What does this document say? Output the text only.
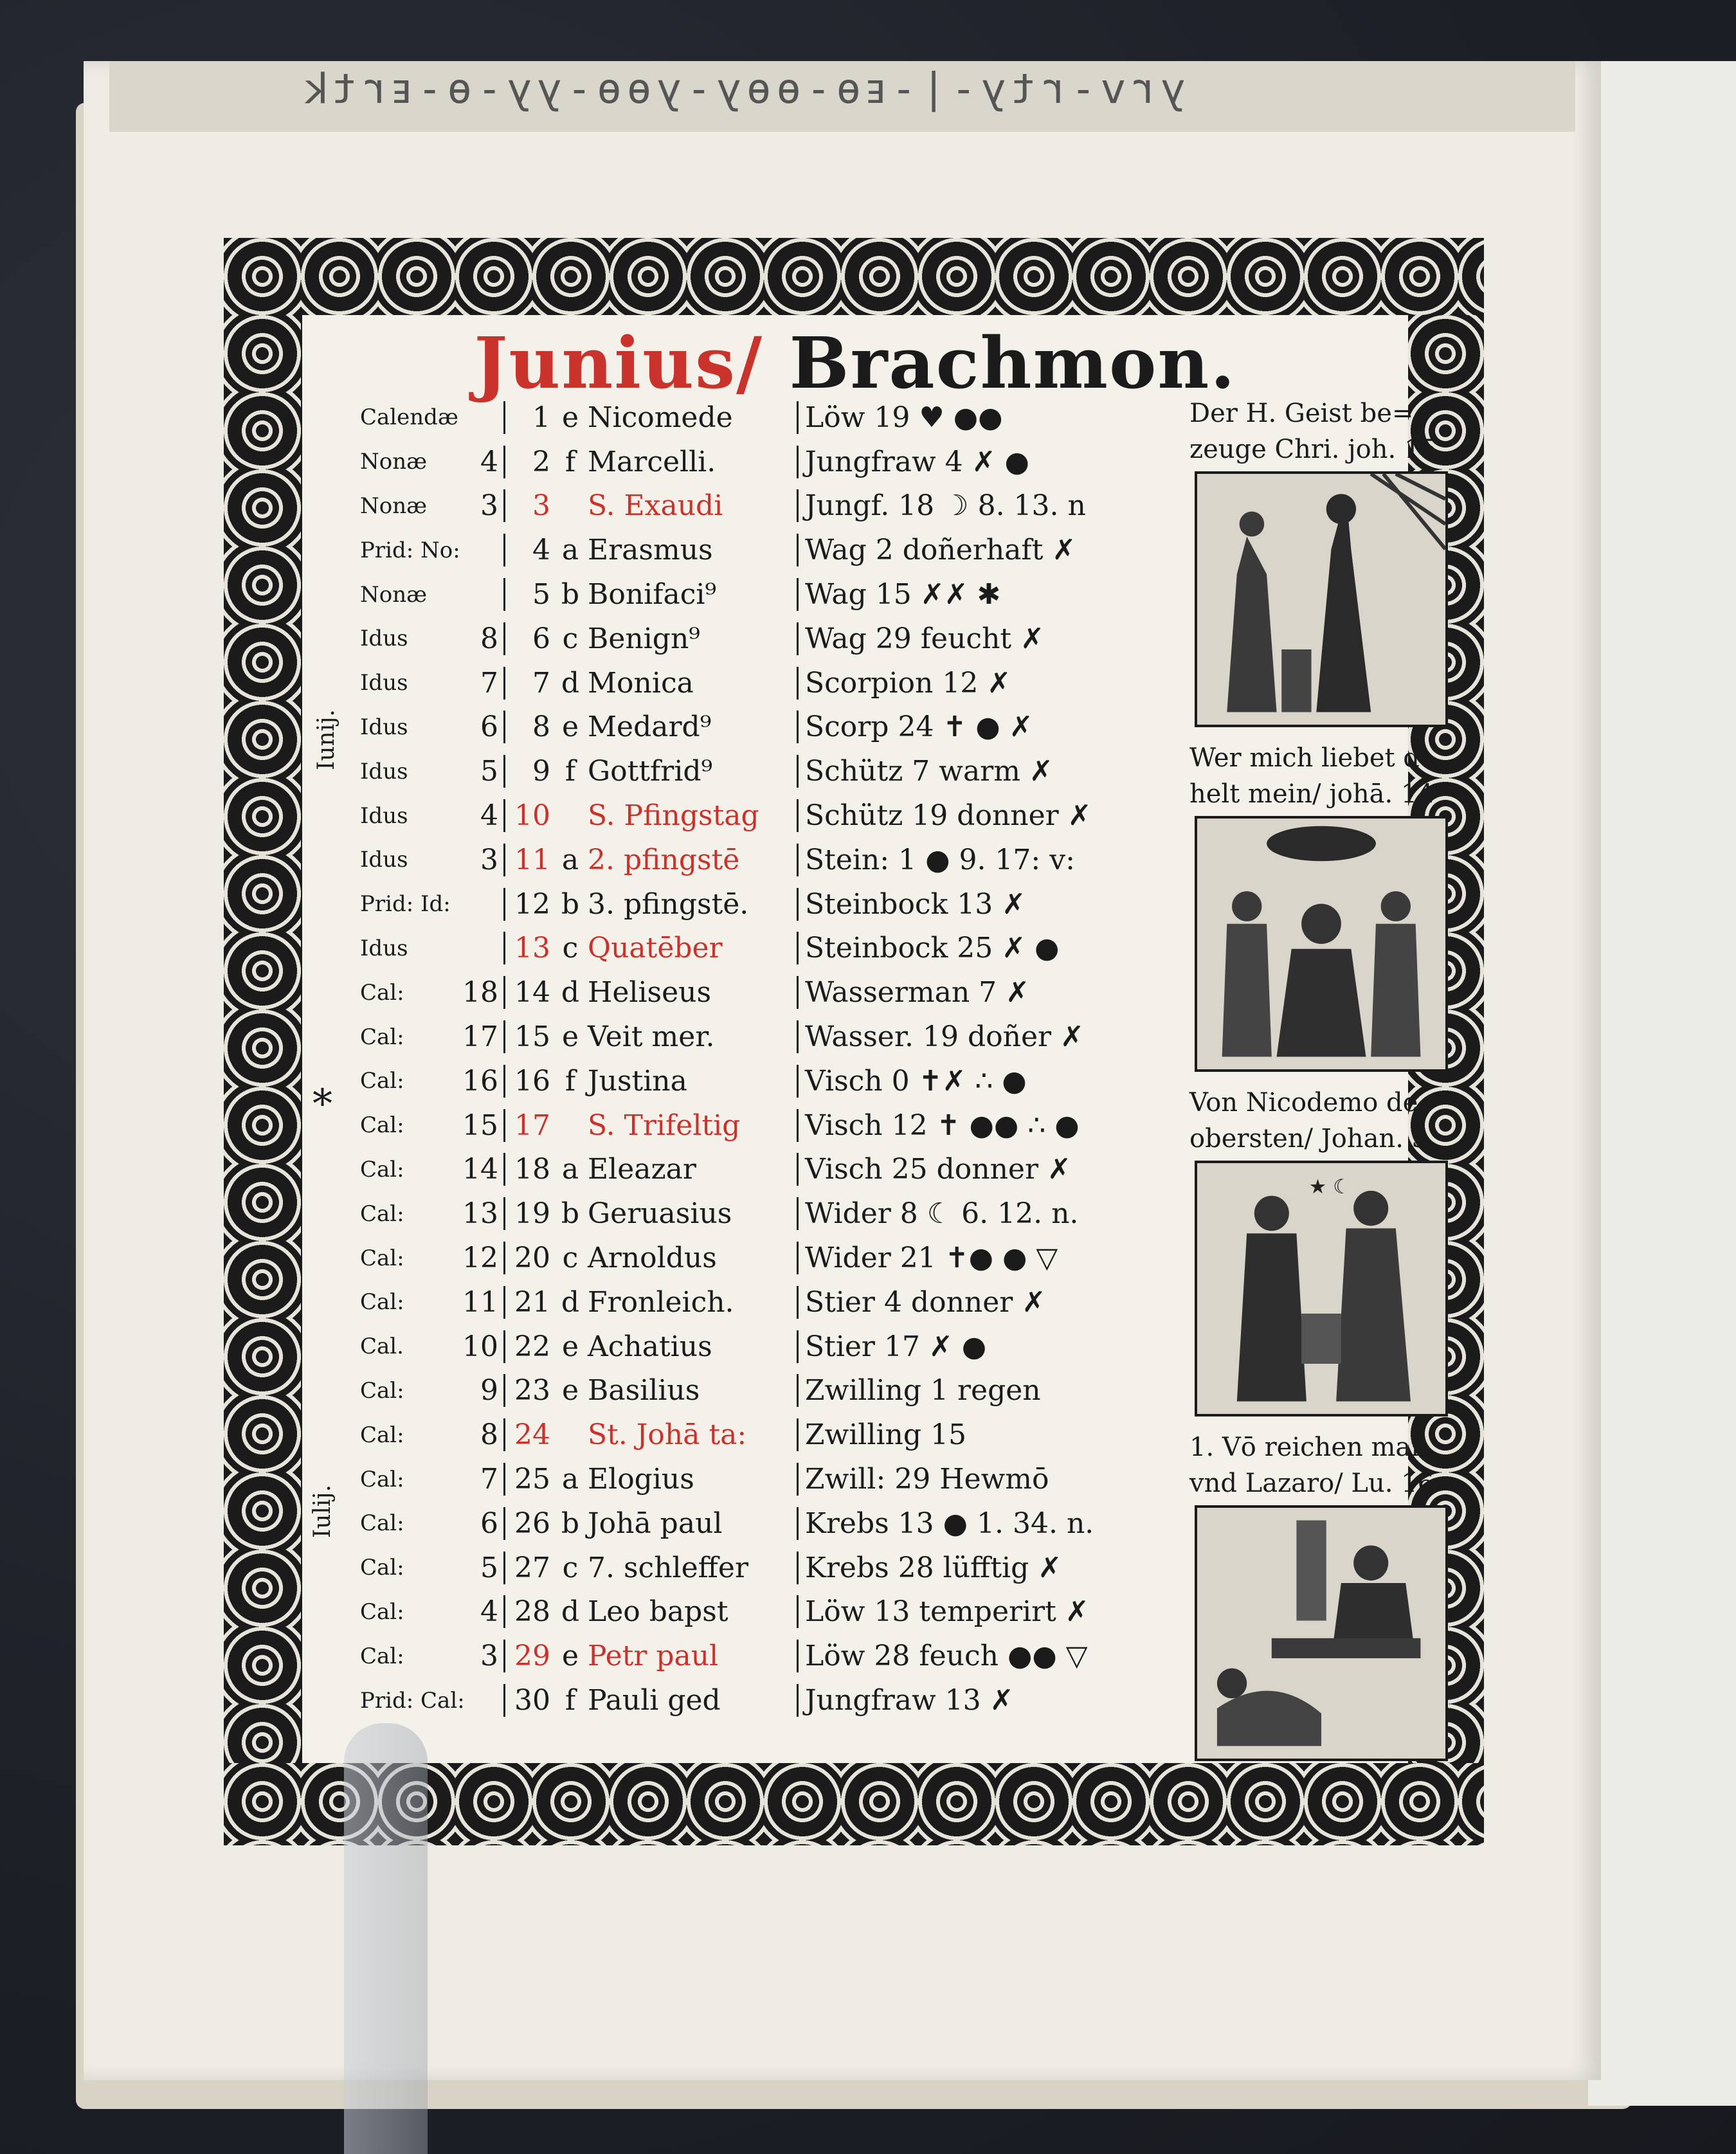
ʞʇɹⱻ-ɵ-ʎʎ-ɵɵʎ-ʎɵɵ-ɵⱻ-|-ʎʇɹ-ʌɹʎ
Junius/ Brachmon.
Iunij.
Iulij.
*
Calendæ	1 e Nicomede	Löw 19 ♥ ●●
Nonæ	4	2 f Marcelli.	Jungfraw 4 ✗ ●
Nonæ	3	3 S. Exaudi	Jungf. 18 ☽ 8. 13. n
Prid: No:	4 a Erasmus	Wag 2 doñerhaft ✗
Nonæ	5 b Bonifaci⁹	Wag 15 ✗✗ ✱
Idus	8	6 c Benign⁹	Wag 29 feucht ✗
Idus	7	7 d Monica	Scorpion 12 ✗
Idus	6	8 e Medard⁹	Scorp 24 ✝ ● ✗
Idus	5	9 f Gottfrid⁹	Schütz 7 warm ✗
Idus	4 10 S. Pfingstag	Schütz 19 donner ✗
Idus	3 11 a 2. pfingstē	Stein: 1 ● 9. 17: v:
Prid: Id:	12 b 3. pfingstē.	Steinbock 13 ✗
Idus	13 c Quatēber	Steinbock 25 ✗ ●
Cal:	18 14 d Heliseus	Wasserman 7 ✗
Cal:	17 15 e Veit mer.	Wasser. 19 doñer ✗
Cal:	16 16 f Justina	Visch 0 ✝✗ ∴ ●
Cal:	15 17 S. Trifeltig	Visch 12 ✝ ●● ∴ ●
Cal:	14 18 a Eleazar	Visch 25 donner ✗
Cal:	13 19 b Geruasius	Wider 8 ☾ 6. 12. n.
Cal:	12 20 c Arnoldus	Wider 21 ✝● ● ▽
Cal:	11 21 d Fronleich.	Stier 4 donner ✗
Cal.	10 22 e Achatius	Stier 17 ✗ ●
Cal:	9 23 e Basilius	Zwilling 1 regen
Cal:	8 24 St. Johā ta:	Zwilling 15
Cal:	7 25 a Elogius	Zwill: 29 Hewmō
Cal:	6 26 b Johā paul	Krebs 13 ● 1. 34. n.
Cal:	5 27 c 7. schleffer	Krebs 28 lüfftig ✗
Cal:	4 28 d Leo bapst	Löw 13 temperirt ✗
Cal:	3 29 e Petr paul	Löw 28 feuch ●● ▽
Prid: Cal:	30 f Pauli ged	Jungfraw 13 ✗
Der H. Geist be=
zeuge Chri. joh. 15
Wer mich liebet d
helt mein/ johā. 14
Von Nicodemo de
obersten/ Johan. 3.
★ ☾
1. Vō reichen man
vnd Lazaro/ Lu. 16
